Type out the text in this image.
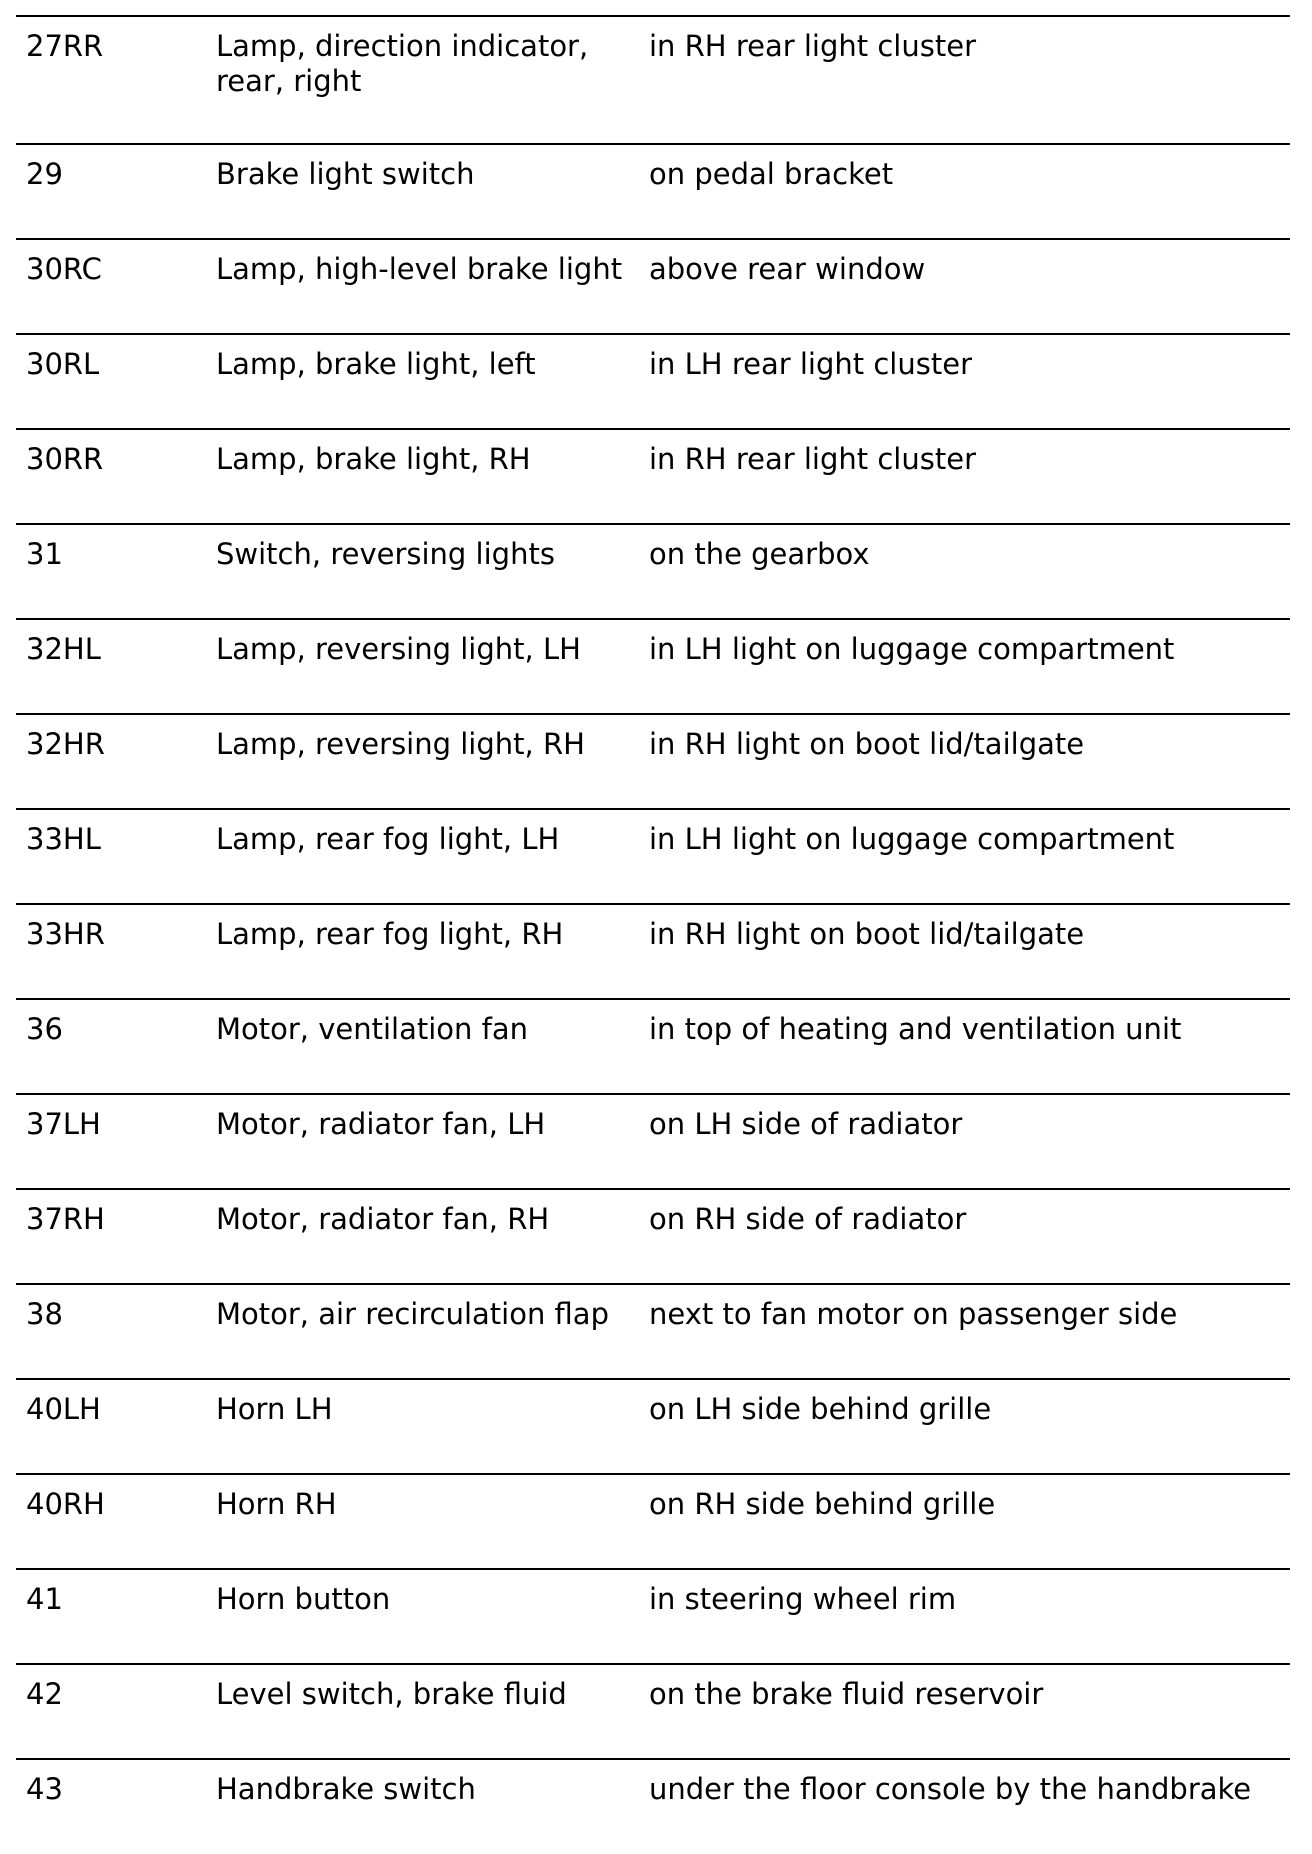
27RR	Lamp, direction indicator, rear, right	in RH rear light cluster
29	Brake light switch	on pedal bracket
30RC	Lamp, high-level brake light	above rear window
30RL	Lamp, brake light, left	in LH rear light cluster
30RR	Lamp, brake light, RH	in RH rear light cluster
31	Switch, reversing lights	on the gearbox
32HL	Lamp, reversing light, LH	in LH light on luggage compartment
32HR	Lamp, reversing light, RH	in RH light on boot lid/tailgate
33HL	Lamp, rear fog light, LH	in LH light on luggage compartment
33HR	Lamp, rear fog light, RH	in RH light on boot lid/tailgate
36	Motor, ventilation fan	in top of heating and ventilation unit
37LH	Motor, radiator fan, LH	on LH side of radiator
37RH	Motor, radiator fan, RH	on RH side of radiator
38	Motor, air recirculation flap	next to fan motor on passenger side
40LH	Horn LH	on LH side behind grille
40RH	Horn RH	on RH side behind grille
41	Horn button	in steering wheel rim
42	Level switch, brake fluid	on the brake fluid reservoir
43	Handbrake switch	under the floor console by the handbrake
